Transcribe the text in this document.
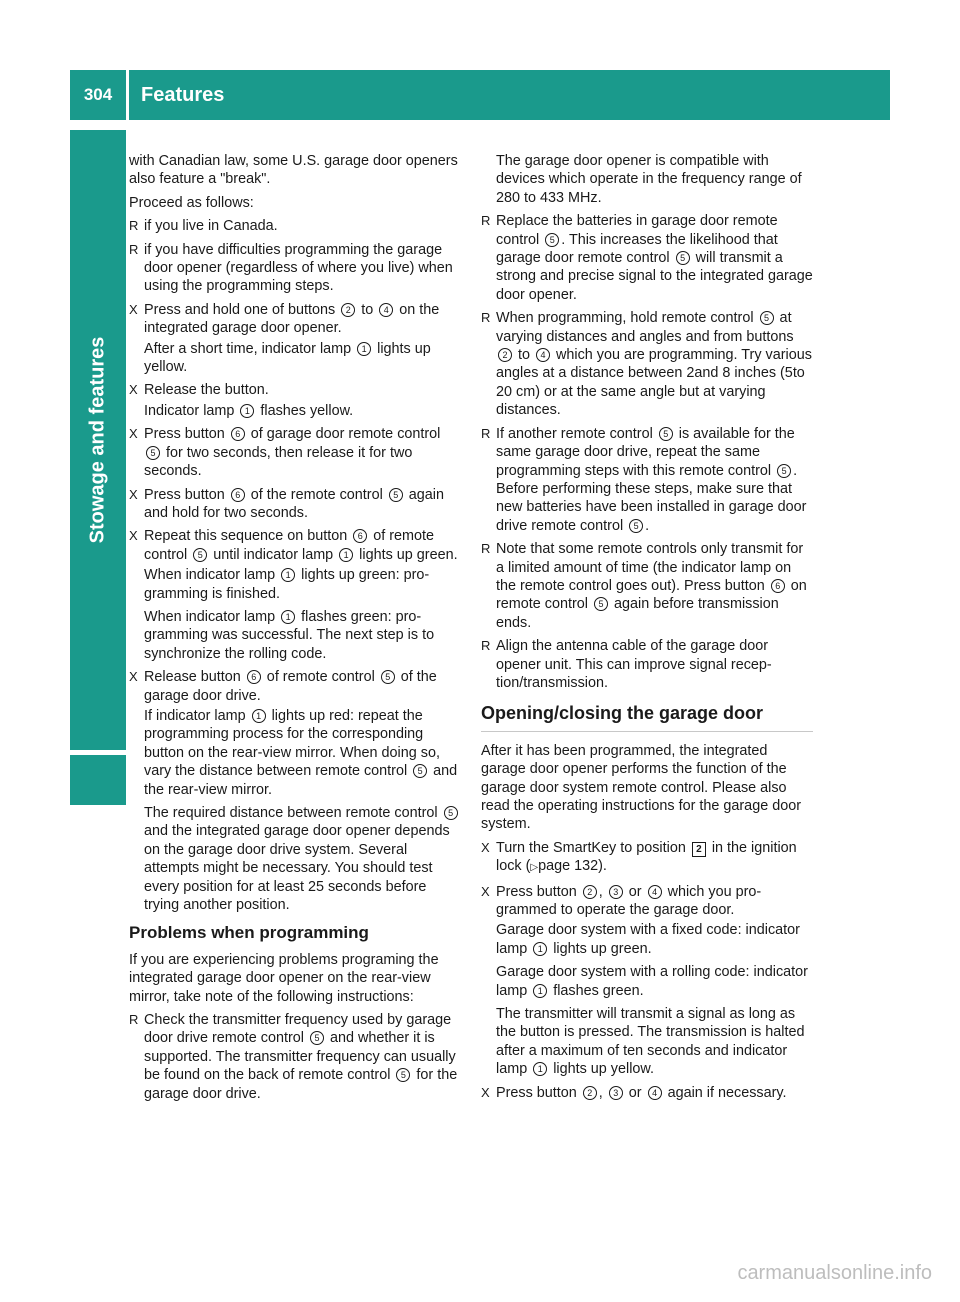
304	Features
Stowage and features

with Canadian law, some U.S. garage door openers also feature a "break".

Proceed as follows:

R if you live in Canada.
R if you have difficulties programming the garage door opener (regardless of where you live) when using the programming steps.
X Press and hold one of buttons 2 to 4 on the integrated garage door opener.
After a short time, indicator lamp 1 lights up yellow.
X Release the button.
Indicator lamp 1 flashes yellow.
X Press button 6 of garage door remote control 5 for two seconds, then release it for two seconds.
X Press button 6 of the remote control 5 again and hold for two seconds.
X Repeat this sequence on button 6 of remote control 5 until indicator lamp 1 lights up green.
When indicator lamp 1 lights up green: programming is finished.
When indicator lamp 1 flashes green: programming was successful. The next step is to synchronize the rolling code.
X Release button 6 of remote control 5 of the garage door drive.
If indicator lamp 1 lights up red: repeat the programming process for the corresponding button on the rear-view mirror. When doing so, vary the distance between remote control 5 and the rear-view mirror.
The required distance between remote control 5 and the integrated garage door opener depends on the garage door drive system. Several attempts might be necessary. You should test every position for at least 25 seconds before trying another position.
Problems when programming

If you are experiencing problems programing the integrated garage door opener on the rear-view mirror, take note of the following instructions:

R Check the transmitter frequency used by garage door drive remote control 5 and whether it is supported. The transmitter frequency can usually be found on the back of remote control 5 for the garage door drive.

The garage door opener is compatible with devices which operate in the frequency range of 280 to 433 MHz.

R Replace the batteries in garage door remote control 5 . This increases the likelihood that garage door remote control 5 will transmit a strong and precise signal to the integrated garage door opener.
R When programming, hold remote control 5 at varying distances and angles and from buttons 2 to 4 which you are programming. Try various angles at a distance between 2and 8 inches (5to 20 cm) or at the same angle but at varying distances.
R If another remote control 5 is available for the same garage door drive, repeat the same programming steps with this remote control 5 . Before performing these steps, make sure that new batteries have been installed in garage door drive remote control 5 .
R Note that some remote controls only transmit for a limited amount of time (the indicator lamp on the remote control goes out). Press button 6 on remote control 5 again before transmission ends.
R Align the antenna cable of the garage door opener unit. This can improve signal reception/transmission.
Opening/closing the garage door

After it has been programmed, the integrated garage door opener performs the function of the garage door system remote control. Please also read the operating instructions for the garage door system.

X Turn the SmartKey to position 2 in the ignition lock (▷page 132).
X Press button 2 , 3 or 4 which you programmed to operate the garage door.
Garage door system with a fixed code: indicator lamp 1 lights up green.
Garage door system with a rolling code: indicator lamp 1 flashes green.
The transmitter will transmit a signal as long as the button is pressed. The transmission is halted after a maximum of ten seconds and indicator lamp 1 lights up yellow.
X Press button 2 , 3 or 4 again if necessary.
carmanualsonline.info
